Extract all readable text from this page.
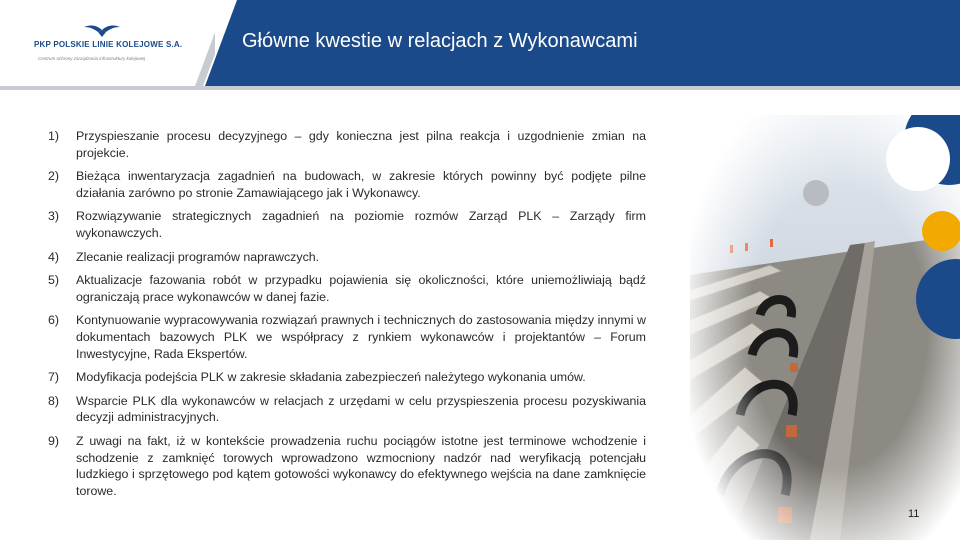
PKP POLSKIE LINIE KOLEJOWE S.A.
Centrum ochrony zarządzania infrastruktury kolejowej
Główne kwestie w relacjach z Wykonawcami
1)	Przyspieszanie procesu decyzyjnego – gdy konieczna jest pilna reakcja i uzgodnienie zmian na projekcie.
2)	Bieżąca inwentaryzacja zagadnień na budowach, w zakresie których powinny być podjęte pilne działania zarówno po stronie Zamawiającego jak i Wykonawcy.
3)	Rozwiązywanie strategicznych zagadnień na poziomie rozmów Zarząd PLK – Zarządy firm wykonawczych.
4)	Zlecanie realizacji programów naprawczych.
5)	Aktualizacje fazowania robót w przypadku pojawienia się okoliczności, które uniemożliwiają bądź ograniczają prace wykonawców w danej fazie.
6)	Kontynuowanie wypracowywania rozwiązań prawnych i technicznych do zastosowania między innymi w dokumentach bazowych PLK we współpracy z rynkiem wykonawców i projektantów – Forum Inwestycyjne, Rada Ekspertów.
7)	Modyfikacja podejścia PLK w zakresie składania zabezpieczeń należytego wykonania umów.
8)	Wsparcie PLK dla wykonawców w relacjach z urzędami w celu przyspieszenia procesu pozyskiwania decyzji administracyjnych.
9)	Z uwagi na fakt, iż w kontekście prowadzenia ruchu pociągów istotne jest terminowe wchodzenie i schodzenie z zamknięć torowych wprowadzono wzmocniony nadzór nad weryfikacją potencjału ludzkiego i sprzętowego pod kątem gotowości wykonawcy do efektywnego wejścia na dane zamknięcie torowe.
11
